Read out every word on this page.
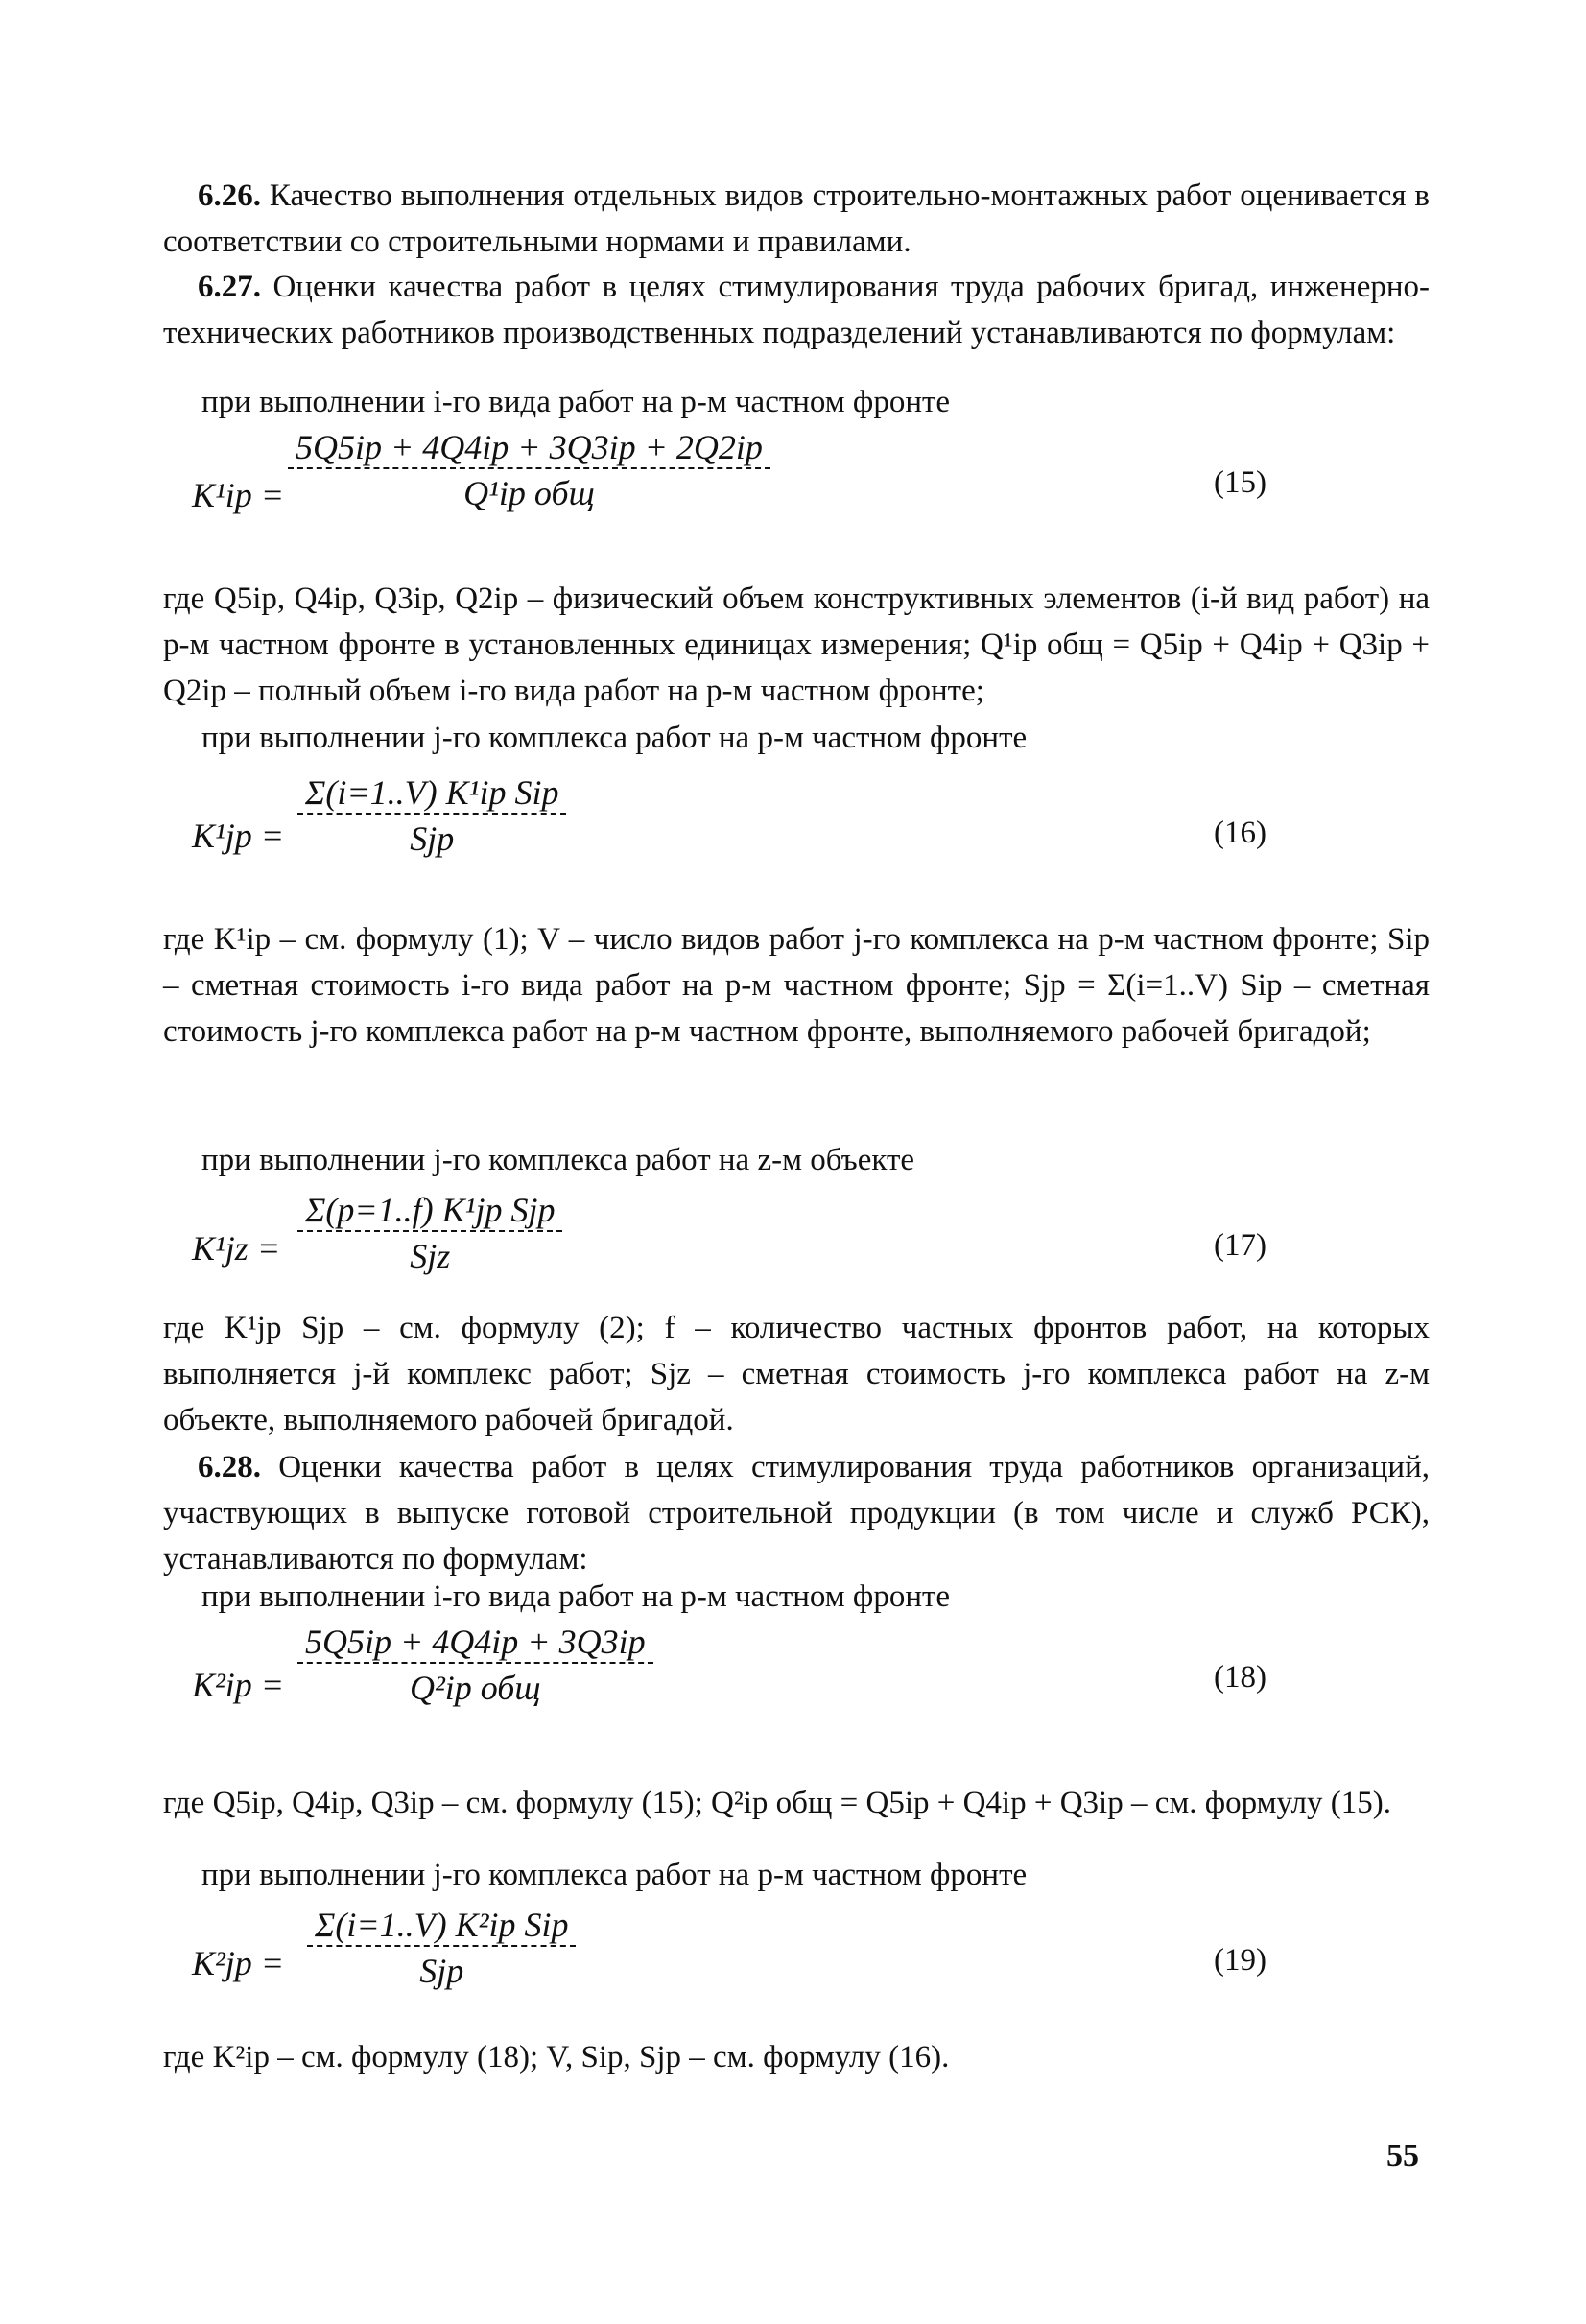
6.26. Качество выполнения отдельных видов строительно-монтажных работ оценивается в соответствии со строительными нормами и правилами.

6.27. Оценки качества работ в целях стимулирования труда рабочих бригад, инженерно-технических работников производственных подразделений устанавливаются по формулам:

при выполнении i-го вида работ на p-м частном фронте
K¹ip =
5Q5ip + 4Q4ip + 3Q3ip + 2Q2ip
Q¹ip общ	(15)

где Q5ip, Q4ip, Q3ip, Q2ip – физический объем конструктивных элементов (i-й вид работ) на p-м частном фронте в установленных единицах измерения; Q¹ip общ = Q5ip + Q4ip + Q3ip + Q2ip – полный объем i-го вида работ на p-м частном фронте;

при выполнении j-го комплекса работ на p-м частном фронте
K¹jp =
Σ(i=1..V) K¹ip Sip
Sjp	(16)

где K¹ip – см. формулу (1); V – число видов работ j-го комплекса на p-м частном фронте; Sip – сметная стоимость i-го вида работ на p-м частном фронте; Sjp = Σ(i=1..V) Sip – сметная стоимость j-го комплекса работ на p-м частном фронте, выполняемого рабочей бригадой;

при выполнении j-го комплекса работ на z-м объекте
K¹jz =
Σ(p=1..f) K¹jp Sjp
Sjz	(17)

где K¹jp Sjp – см. формулу (2); f – количество частных фронтов работ, на которых выполняется j-й комплекс работ; Sjz – сметная стоимость j-го комплекса работ на z-м объекте, выполняемого рабочей бригадой.

6.28. Оценки качества работ в целях стимулирования труда работников организаций, участвующих в выпуске готовой строительной продукции (в том числе и служб РСК), устанавливаются по формулам:

при выполнении i-го вида работ на p-м частном фронте
K²ip =
5Q5ip + 4Q4ip + 3Q3ip
Q²ip общ	(18)

где Q5ip, Q4ip, Q3ip – см. формулу (15); Q²ip общ = Q5ip + Q4ip + Q3ip – см. формулу (15).

при выполнении j-го комплекса работ на p-м частном фронте
K²jp =
Σ(i=1..V) K²ip Sip
Sjp	(19)

где K²ip – см. формулу (18); V, Sip, Sjp – см. формулу (16).

55
